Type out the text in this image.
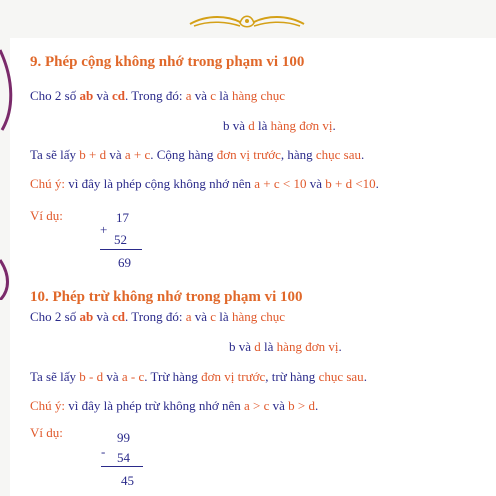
9. Phép cộng không nhớ trong phạm vi 100
Cho 2 số ab và cd. Trong đó: a và c là hàng chục
b và d là hàng đơn vị.
Ta sẽ lấy b + d và a + c. Cộng hàng đơn vị trước, hàng chục sau.
Chú ý: vì đây là phép cộng không nhớ nên a + c < 10 và b + d <10.
Ví dụ:	17
+
52
69
10. Phép trừ không nhớ trong phạm vi 100
Cho 2 số ab và cd. Trong đó: a và c là hàng chục
b và d là hàng đơn vị.
Ta sẽ lấy b - d và a - c. Trừ hàng đơn vị trước, trừ hàng chục sau.
Chú ý: vì đây là phép trừ không nhớ nên a > c và b > d.
Ví dụ:	99
- 54
45
